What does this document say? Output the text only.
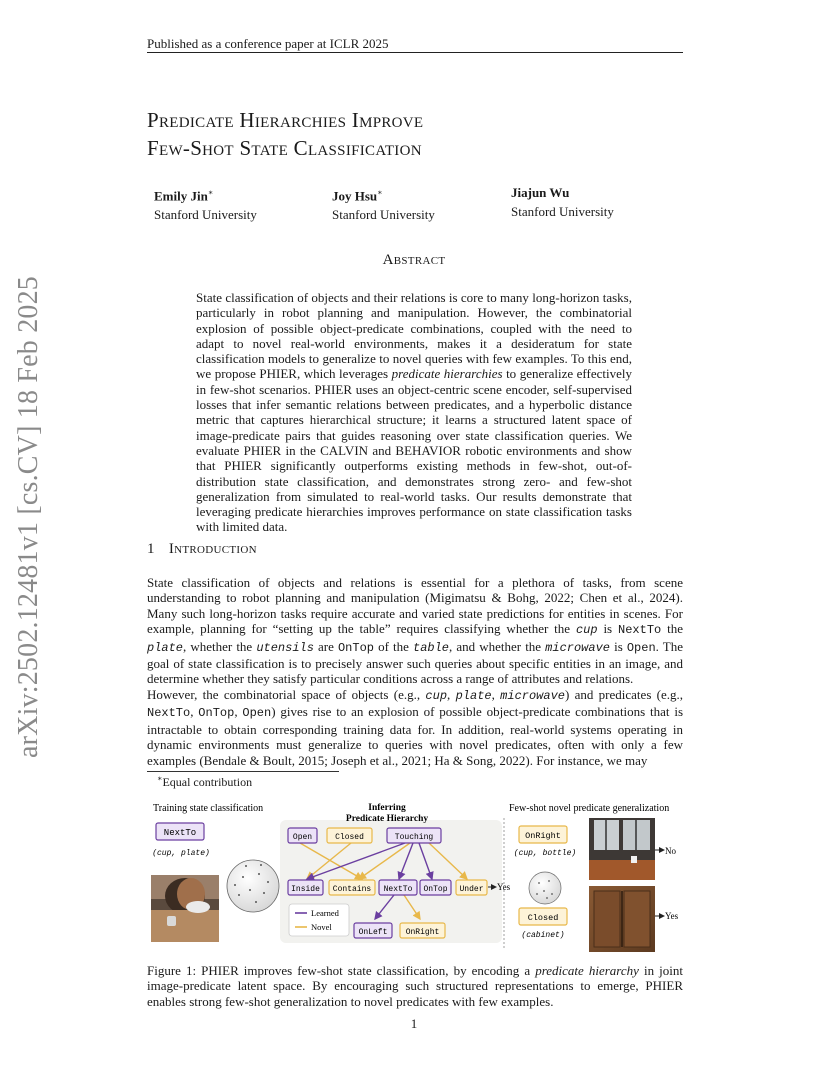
Published as a conference paper at ICLR 2025
arXiv:2502.12481v1 [cs.CV] 18 Feb 2025
Predicate Hierarchies Improve
Few-Shot State Classification
Emily Jin∗
Stanford University
Joy Hsu∗
Stanford University
Jiajun Wu
Stanford University
Abstract
State classification of objects and their relations is core to many long-horizon tasks, particularly in robot planning and manipulation. However, the combinatorial explosion of possible object-predicate combinations, coupled with the need to adapt to novel real-world environments, makes it a desideratum for state classification models to generalize to novel queries with few examples. To this end, we propose PHIER, which leverages predicate hierarchies to generalize effectively in few-shot scenarios. PHIER uses an object-centric scene encoder, self-supervised losses that infer semantic relations between predicates, and a hyperbolic distance metric that captures hierarchical structure; it learns a structured latent space of image-predicate pairs that guides reasoning over state classification queries. We evaluate PHIER in the CALVIN and BEHAVIOR robotic environments and show that PHIER significantly outperforms existing methods in few-shot, out-of-distribution state classification, and demonstrates strong zero- and few-shot generalization from simulated to real-world tasks. Our results demonstrate that leveraging predicate hierarchies improves performance on state classification tasks with limited data.
1 Introduction
State classification of objects and relations is essential for a plethora of tasks, from scene understanding to robot planning and manipulation (Migimatsu & Bohg, 2022; Chen et al., 2024). Many such long-horizon tasks require accurate and varied state predictions for entities in scenes. For example, planning for “setting up the table” requires classifying whether the cup is NextTo the plate, whether the utensils are OnTop of the table, and whether the microwave is Open. The goal of state classification is to precisely answer such queries about specific entities in an image, and determine whether they satisfy particular conditions across a range of attributes and relations.
However, the combinatorial space of objects (e.g., cup, plate, microwave) and predicates (e.g., NextTo, OnTop, Open) gives rise to an explosion of possible object-predicate combinations that is intractable to obtain corresponding training data for. In addition, real-world systems operating in dynamic environments must generalize to queries with novel predicates, often with only a few examples (Bendale & Boult, 2015; Joseph et al., 2021; Ha & Song, 2022). For instance, we may
∗Equal contribution
Training state classification
NextTo
(cup, plate)
Inferring
Predicate Hierarchy
Open	Closed	Touching
Inside Contains NextTo OnTop Under Yes
Learned
Novel
OnLeft OnRight
Few-shot novel predicate generalization
OnRight
(cup, bottle)	No
Closed
(cabinet)
Yes
Figure 1: PHIER improves few-shot state classification, by encoding a predicate hierarchy in joint image-predicate latent space. By encouraging such structured representations to emerge, PHIER enables strong few-shot generalization to novel predicates with few examples.
1
